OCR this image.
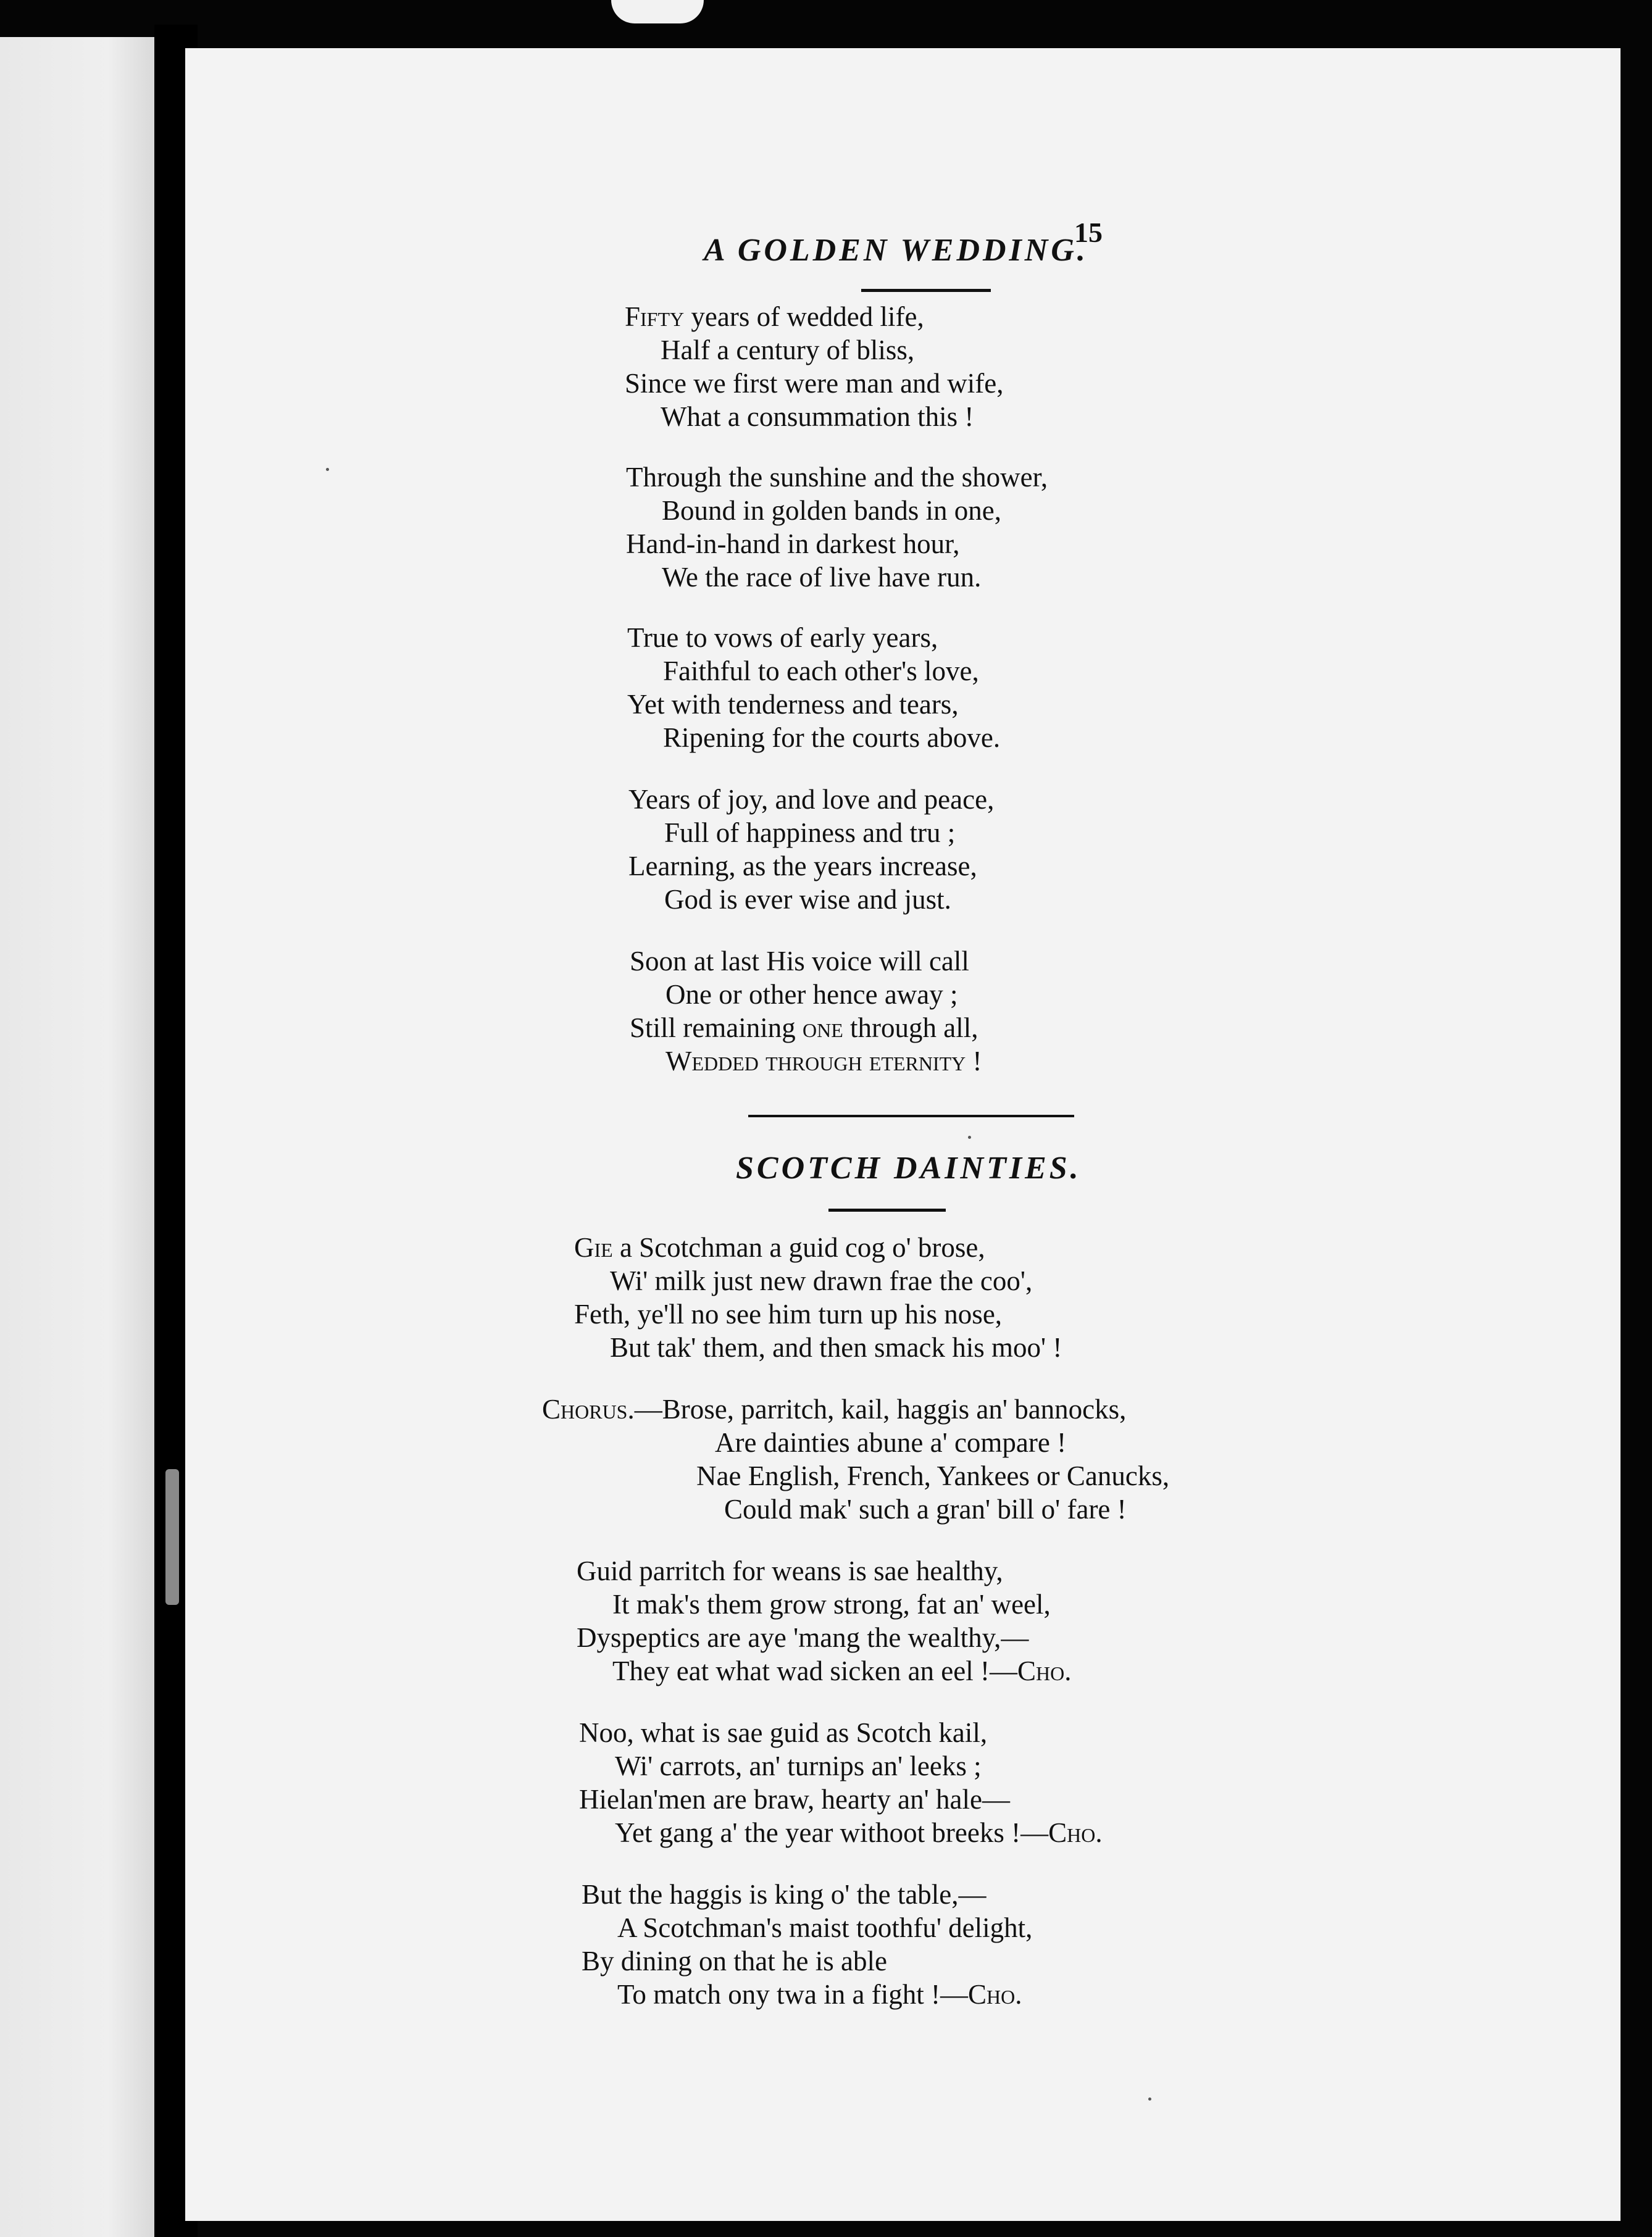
15
A GOLDEN WEDDING.
Fifty years of wedded life,
Half a century of bliss,
Since we first were man and wife,
What a consummation this !
Through the sunshine and the shower,
Bound in golden bands in one,
Hand-in-hand in darkest hour,
We the race of live have run.
True to vows of early years,
Faithful to each other's love,
Yet with tenderness and tears,
Ripening for the courts above.
Years of joy, and love and peace,
Full of happiness and tru ;
Learning, as the years increase,
God is ever wise and just.
Soon at last His voice will call
One or other hence away ;
Still remaining one through all,
Wedded through eternity !
SCOTCH DAINTIES.
Gie a Scotchman a guid cog o' brose,
Wi' milk just new drawn frae the coo',
Feth, ye'll no see him turn up his nose,
But tak' them, and then smack his moo' !
Chorus.—Brose, parritch, kail, haggis an' bannocks,
Are dainties abune a' compare !
Nae English, French, Yankees or Canucks,
Could mak' such a gran' bill o' fare !
Guid parritch for weans is sae healthy,
It mak's them grow strong, fat an' weel,
Dyspeptics are aye 'mang the wealthy,—
They eat what wad sicken an eel !—Cho.
Noo, what is sae guid as Scotch kail,
Wi' carrots, an' turnips an' leeks ;
Hielan'men are braw, hearty an' hale—
Yet gang a' the year withoot breeks !—Cho.
But the haggis is king o' the table,—
A Scotchman's maist toothfu' delight,
By dining on that he is able
To match ony twa in a fight !—Cho.
